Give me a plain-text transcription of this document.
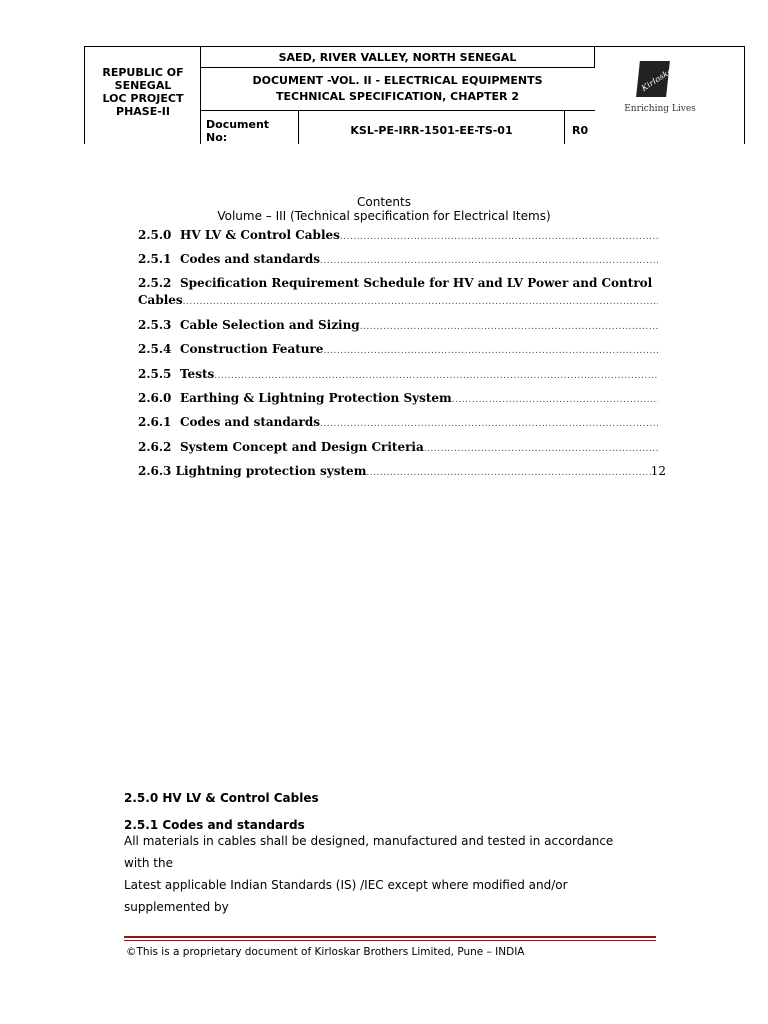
REPUBLIC OF
SENEGAL
LOC PROJECT
PHASE-II
SAED, RIVER VALLEY, NORTH SENEGAL
DOCUMENT -VOL. II - ELECTRICAL EQUIPMENTS
TECHNICAL SPECIFICATION, CHAPTER 2
Document
No:
KSL-PE-IRR-1501-EE-TS-01	R0
Kirloskar
Enriching Lives
Contents
Volume – III (Technical specification for Electrical Items)
2.5.0 HV LV & Control Cables
.....
2.5.1 Codes and standards
.....
2.5.2 Specification Requirement Schedule for HV and LV Power and Control
Cables
.....
2.5.3 Cable Selection and Sizing
.....
2.5.4 Construction Feature
.....
2.5.5 Tests
.....
2.6.0 Earthing & Lightning Protection System
.....
2.6.1 Codes and standards
.....
2.6.2 System Concept and Design Criteria
.....
2.6.3
Lightning protection system
.....	12
2.5.0 HV LV & Control Cables
2.5.1 Codes and standards
All materials in cables shall be designed, manufactured and tested in accordance
with the
Latest applicable Indian Standards (IS) /IEC except where modified and/or
supplemented by
©This is a proprietary document of Kirloskar Brothers Limited, Pune – INDIA
